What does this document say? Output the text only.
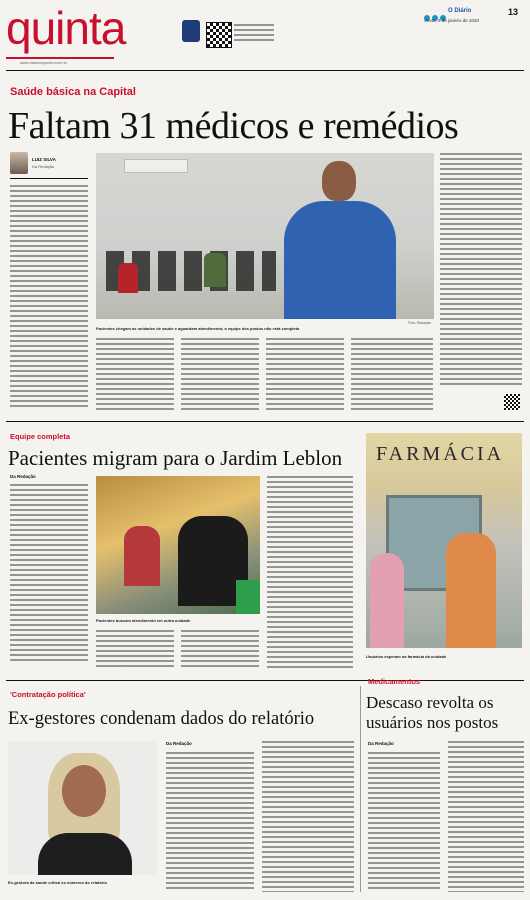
quinta
www.diariodopoder.com.br
O Diário
Sexta, 9 de janeiro de 2020
13
Saúde básica na Capital
Faltam 31 médicos e remédios
LUIZ SILVA
Da Redação
Foto: Redação
Pacientes chegam às unidades de saúde e aguardam atendimento; a equipe dos postos não está completa
Equipe completa
Pacientes migram para o Jardim Leblon
Da Redação
Pacientes buscam atendimento em outra unidade
FARMÁCIA
Usuários esperam na farmácia da unidade
'Contratação política'
Ex-gestores condenam dados do relatório
Ex-gestora da saúde critica os números do relatório
Da Redação
Medicamentos
Descaso revolta os usuários nos postos
Da Redação
